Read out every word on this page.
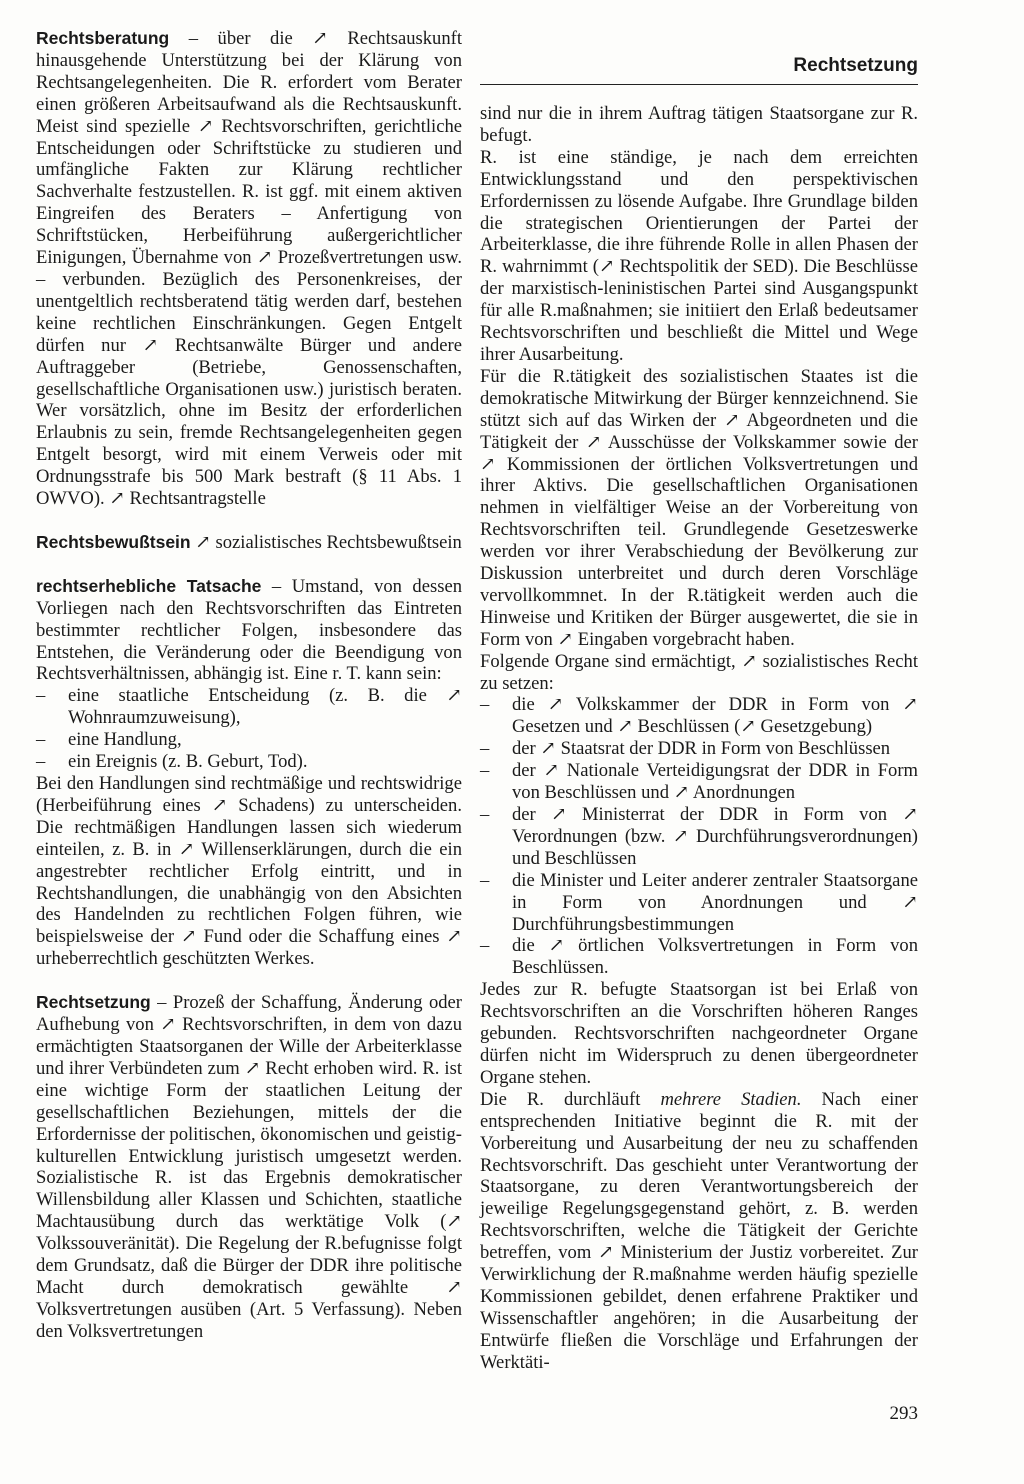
Rechtsetzung

Rechtsberatung – über die ↗ Rechtsauskunft hinausgehende Unterstützung bei der Klärung von Rechtsangelegenheiten. Die R. erfordert vom Berater einen größeren Arbeitsaufwand als die Rechtsauskunft. Meist sind spezielle ↗ Rechtsvorschriften, gerichtliche Entscheidungen oder Schriftstücke zu studieren und umfängliche Fakten zur Klärung rechtlicher Sachverhalte festzustellen. R. ist ggf. mit einem aktiven Eingreifen des Beraters – Anfertigung von Schriftstücken, Herbeiführung außergerichtlicher Einigungen, Übernahme von ↗ Prozeßvertretungen usw. – verbunden. Bezüglich des Personenkreises, der unentgeltlich rechtsberatend tätig werden darf, bestehen keine rechtlichen Einschränkungen. Gegen Entgelt dürfen nur ↗ Rechtsanwälte Bürger und andere Auftraggeber (Betriebe, Genossenschaften, gesellschaftliche Organisationen usw.) juristisch beraten. Wer vorsätzlich, ohne im Besitz der erforderlichen Erlaubnis zu sein, fremde Rechtsangelegenheiten gegen Entgelt besorgt, wird mit einem Verweis oder mit Ordnungsstrafe bis 500 Mark bestraft (§ 11 Abs. 1 OWVO). ↗ Rechtsantragstelle

Rechtsbewußtsein ↗ sozialistisches Rechtsbewußtsein

rechtserhebliche Tatsache – Umstand, von dessen Vorliegen nach den Rechtsvorschriften das Eintreten bestimmter rechtlicher Folgen, insbesondere das Entstehen, die Veränderung oder die Beendigung von Rechtsverhältnissen, abhängig ist. Eine r. T. kann sein:

– eine staatliche Entscheidung (z. B. die ↗ Wohnraumzuweisung),
– eine Handlung,
– ein Ereignis (z. B. Geburt, Tod).

Bei den Handlungen sind rechtmäßige und rechtswidrige (Herbeiführung eines ↗ Schadens) zu unterscheiden. Die rechtmäßigen Handlungen lassen sich wiederum einteilen, z. B. in ↗ Willenserklärungen, durch die ein angestrebter rechtlicher Erfolg eintritt, und in Rechtshandlungen, die unabhängig von den Absichten des Handelnden zu rechtlichen Folgen führen, wie beispielsweise der ↗ Fund oder die Schaffung eines ↗ urheberrechtlich geschützten Werkes.

Rechtsetzung – Prozeß der Schaffung, Änderung oder Aufhebung von ↗ Rechtsvorschriften, in dem von dazu ermächtigten Staatsorganen der Wille der Arbeiterklasse und ihrer Verbündeten zum ↗ Recht erhoben wird. R. ist eine wichtige Form der staatlichen Leitung der gesellschaftlichen Beziehungen, mittels der die Erfordernisse der politischen, ökonomischen und geistig-kulturellen Entwicklung juristisch umgesetzt werden. Sozialistische R. ist das Ergebnis demokratischer Willensbildung aller Klassen und Schichten, staatliche Machtausübung durch das werktätige Volk (↗ Volkssouveränität). Die Regelung der R.befugnisse folgt dem Grundsatz, daß die Bürger der DDR ihre politische Macht durch demokratisch gewählte ↗ Volksvertretungen ausüben (Art. 5 Verfassung). Neben den Volksvertretungen

sind nur die in ihrem Auftrag tätigen Staatsorgane zur R. befugt.

R. ist eine ständige, je nach dem erreichten Entwicklungsstand und den perspektivischen Erfordernissen zu lösende Aufgabe. Ihre Grundlage bilden die strategischen Orientierungen der Partei der Arbeiterklasse, die ihre führende Rolle in allen Phasen der R. wahrnimmt (↗ Rechtspolitik der SED). Die Beschlüsse der marxistisch-leninistischen Partei sind Ausgangspunkt für alle R.maßnahmen; sie initiiert den Erlaß bedeutsamer Rechtsvorschriften und beschließt die Mittel und Wege ihrer Ausarbeitung.

Für die R.tätigkeit des sozialistischen Staates ist die demokratische Mitwirkung der Bürger kennzeichnend. Sie stützt sich auf das Wirken der ↗ Abgeordneten und die Tätigkeit der ↗ Ausschüsse der Volkskammer sowie der ↗ Kommissionen der örtlichen Volksvertretungen und ihrer Aktivs. Die gesellschaftlichen Organisationen nehmen in vielfältiger Weise an der Vorbereitung von Rechtsvorschriften teil. Grundlegende Gesetzeswerke werden vor ihrer Verabschiedung der Bevölkerung zur Diskussion unterbreitet und durch deren Vorschläge vervollkommnet. In der R.tätigkeit werden auch die Hinweise und Kritiken der Bürger ausgewertet, die sie in Form von ↗ Eingaben vorgebracht haben.

Folgende Organe sind ermächtigt, ↗ sozialistisches Recht zu setzen:

– die ↗ Volkskammer der DDR in Form von ↗ Gesetzen und ↗ Beschlüssen (↗ Gesetzgebung)
– der ↗ Staatsrat der DDR in Form von Beschlüssen
– der ↗ Nationale Verteidigungsrat der DDR in Form von Beschlüssen und ↗ Anordnungen
– der ↗ Ministerrat der DDR in Form von ↗ Verordnungen (bzw. ↗ Durchführungsverordnungen) und Beschlüssen
– die Minister und Leiter anderer zentraler Staatsorgane in Form von Anordnungen und ↗ Durchführungsbestimmungen
– die ↗ örtlichen Volksvertretungen in Form von Beschlüssen.

Jedes zur R. befugte Staatsorgan ist bei Erlaß von Rechtsvorschriften an die Vorschriften höheren Ranges gebunden. Rechtsvorschriften nachgeordneter Organe dürfen nicht im Widerspruch zu denen übergeordneter Organe stehen.

Die R. durchläuft mehrere Stadien. Nach einer entsprechenden Initiative beginnt die R. mit der Vorbereitung und Ausarbeitung der neu zu schaffenden Rechtsvorschrift. Das geschieht unter Verantwortung der Staatsorgane, zu deren Verantwortungsbereich der jeweilige Regelungsgegenstand gehört, z. B. werden Rechtsvorschriften, welche die Tätigkeit der Gerichte betreffen, vom ↗ Ministerium der Justiz vorbereitet. Zur Verwirklichung der R.maßnahme werden häufig spezielle Kommissionen gebildet, denen erfahrene Praktiker und Wissenschaftler angehören; in die Ausarbeitung der Entwürfe fließen die Vorschläge und Erfahrungen der Werktäti-

293
